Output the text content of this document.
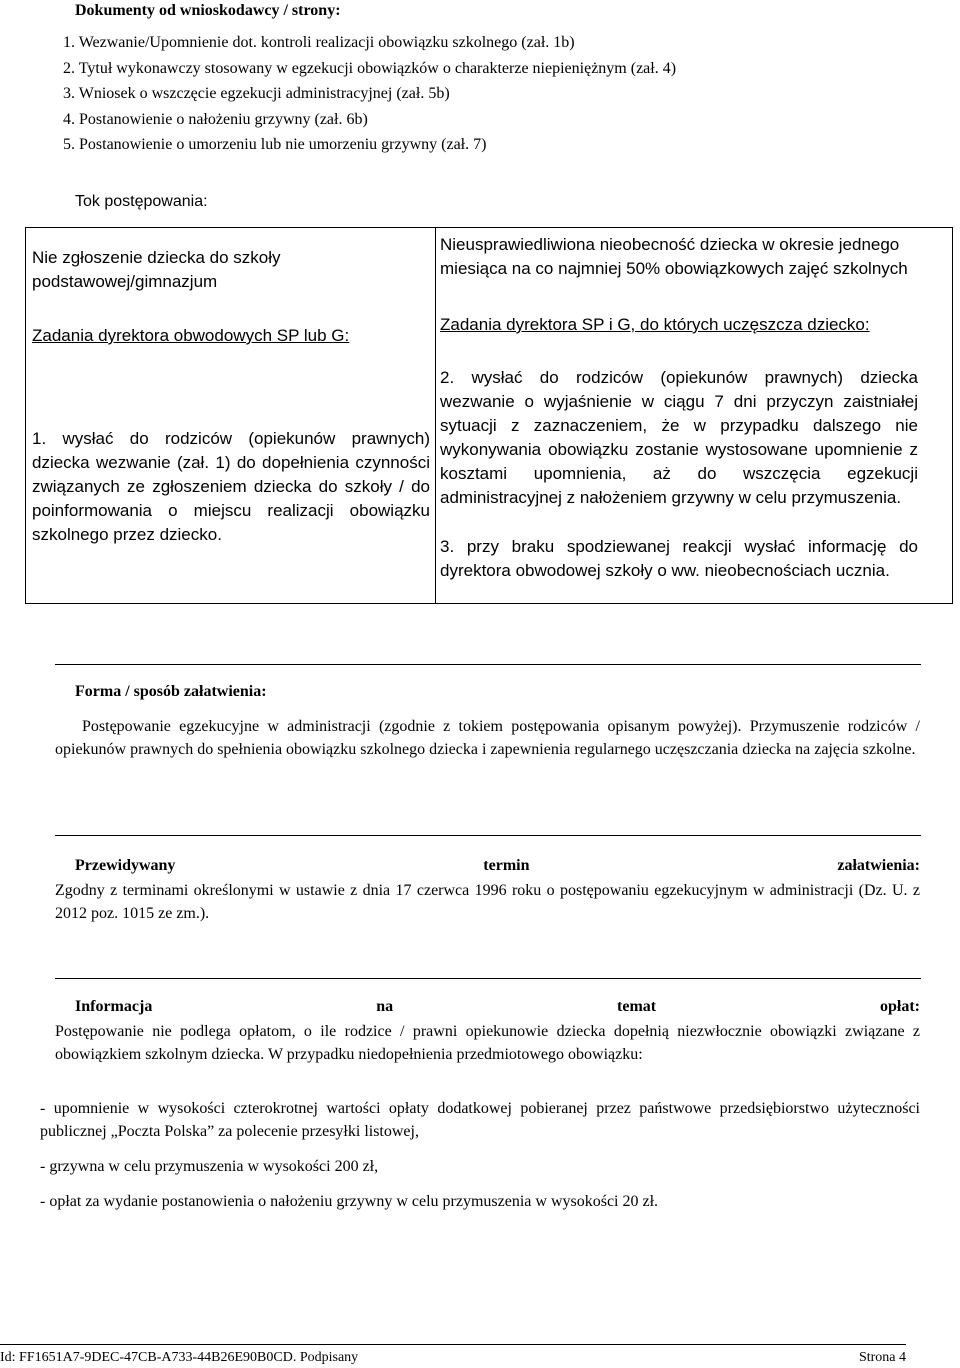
Dokumenty od wnioskodawcy / strony:
1. Wezwanie/Upomnienie dot. kontroli realizacji obowiązku szkolnego (zał. 1b)
2. Tytuł wykonawczy stosowany w egzekucji obowiązków o charakterze niepieniężnym (zał. 4)
3. Wniosek o wszczęcie egzekucji administracyjnej (zał. 5b)
4. Postanowienie o nałożeniu grzywny (zał. 6b)
5. Postanowienie o umorzeniu lub nie umorzeniu grzywny (zał. 7)
Tok postępowania:
Nie zgłoszenie dziecka do szkoły podstawowej/gimnazjum
Zadania dyrektora obwodowych SP lub G:
1. wysłać do rodziców (opiekunów prawnych) dziecka wezwanie (zał. 1) do dopełnienia czynności związanych ze zgłoszeniem dziecka do szkoły / do poinformowania o miejscu realizacji obowiązku szkolnego przez dziecko.
Nieusprawiedliwiona nieobecność dziecka w okresie jednego miesiąca na co najmniej 50% obowiązkowych zajęć szkolnych
Zadania dyrektora SP i G, do których uczęszcza dziecko:
2. wysłać do rodziców (opiekunów prawnych) dziecka wezwanie o wyjaśnienie w ciągu 7 dni przyczyn zaistniałej sytuacji z zaznaczeniem, że w przypadku dalszego nie wykonywania obowiązku zostanie wystosowane upomnienie z kosztami upomnienia, aż do wszczęcia egzekucji administracyjnej z nałożeniem grzywny w celu przymuszenia.
3. przy braku spodziewanej reakcji wysłać informację do dyrektora obwodowej szkoły o ww. nieobecnościach ucznia.
Forma / sposób załatwienia:
Postępowanie egzekucyjne w administracji (zgodnie z tokiem postępowania opisanym powyżej). Przymuszenie rodziców / opiekunów prawnych do spełnienia obowiązku szkolnego dziecka i zapewnienia regularnego uczęszczania dziecka na zajęcia szkolne.
Przewidywany termin załatwienia:
Zgodny z terminami określonymi w ustawie z dnia 17 czerwca 1996 roku o postępowaniu egzekucyjnym w administracji (Dz. U. z 2012 poz. 1015 ze zm.).
Informacja na temat opłat:
Postępowanie nie podlega opłatom, o ile rodzice / prawni opiekunowie dziecka dopełnią niezwłocznie obowiązki związane z obowiązkiem szkolnym dziecka. W przypadku niedopełnienia przedmiotowego obowiązku:
- upomnienie w wysokości czterokrotnej wartości opłaty dodatkowej pobieranej przez państwowe przedsiębiorstwo użyteczności publicznej „Poczta Polska” za polecenie przesyłki listowej,
- grzywna w celu przymuszenia w wysokości 200 zł,
- opłat za wydanie postanowienia o nałożeniu grzywny w celu przymuszenia w wysokości 20 zł.
Id: FF1651A7-9DEC-47CB-A733-44B26E90B0CD. Podpisany	Strona 4
